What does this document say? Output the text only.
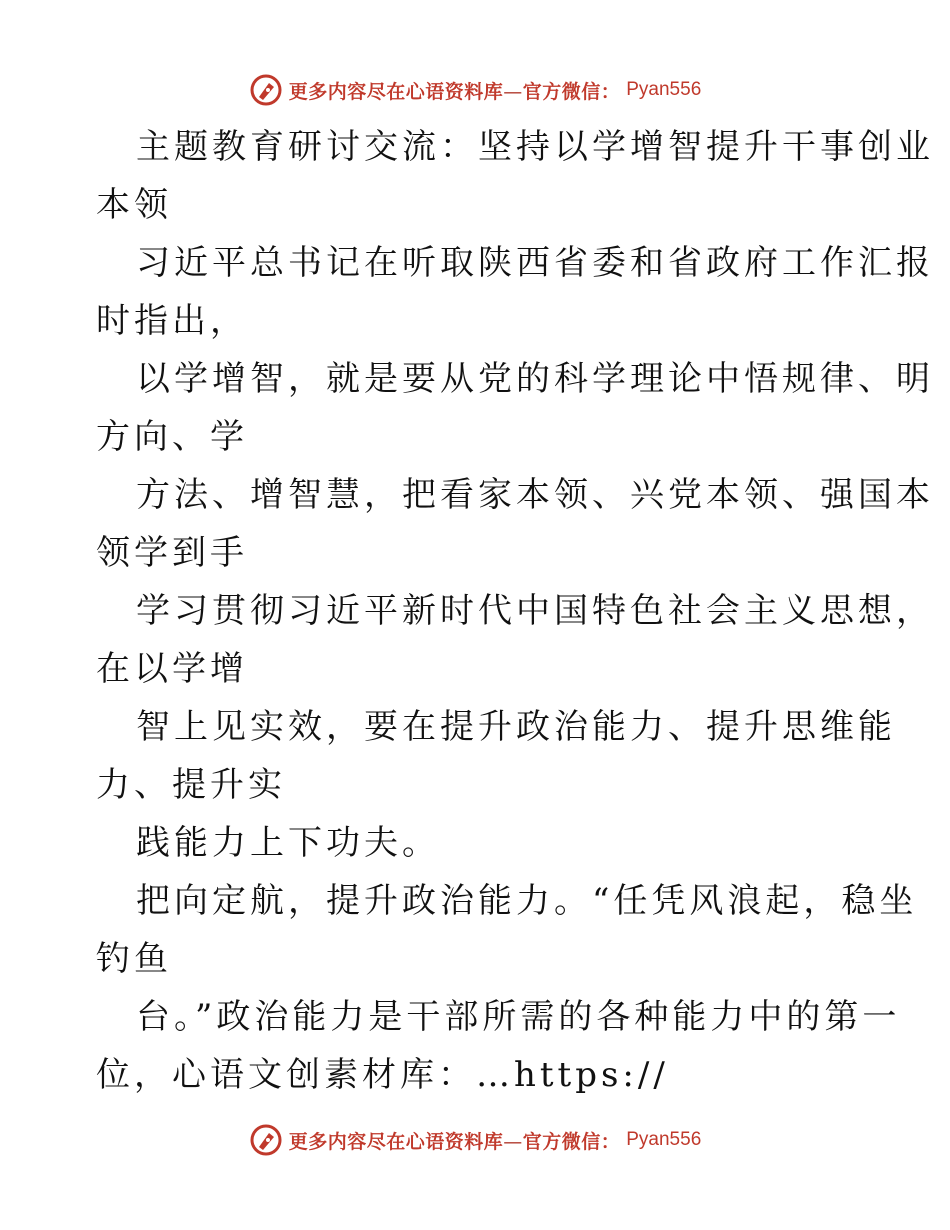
更多内容尽在心语资料库—官方微信： Pyan556
主题教育研讨交流：坚持以学增智提升干事创业
本领
习近平总书记在听取陕西省委和省政府工作汇报
时指出，
以学增智，就是要从党的科学理论中悟规律、明
方向、学
方法、增智慧，把看家本领、兴党本领、强国本
领学到手
学习贯彻习近平新时代中国特色社会主义思想，
在以学增
智上见实效，要在提升政治能力、提升思维能
力、提升实
践能力上下功夫。
把向定航，提升政治能力。“任凭风浪起，稳坐
钓鱼
台。”政治能力是干部所需的各种能力中的第一
位，心语文创素材库：…https://
更多内容尽在心语资料库—官方微信： Pyan556
